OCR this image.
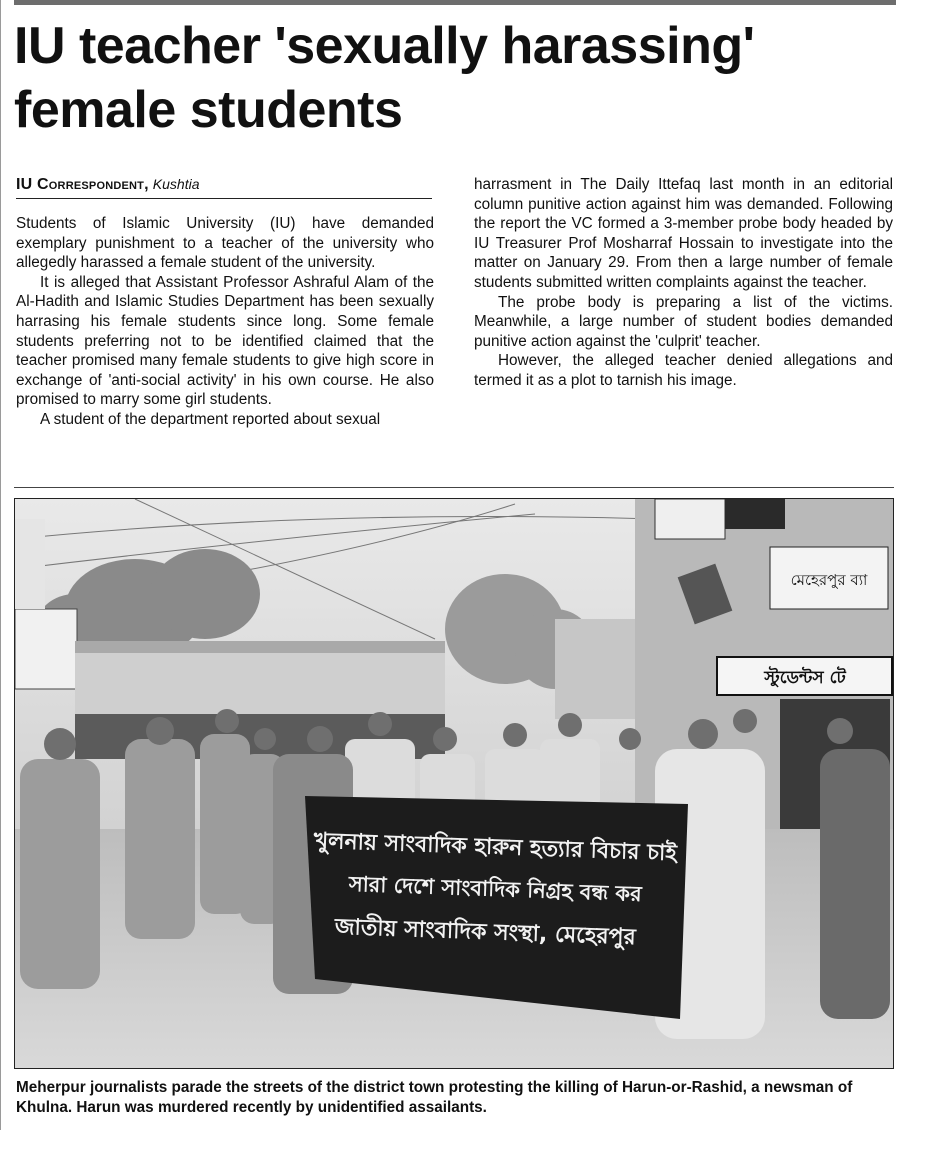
IU teacher 'sexually harassing'
female students
IU Correspondent, Kushtia

Students of Islamic University (IU) have demanded exemplary punishment to a teacher of the university who allegedly harassed a female student of the university.

It is alleged that Assistant Professor Ashraful Alam of the Al-Hadith and Islamic Studies Department has been sexually harrasing his female students since long. Some female students preferring not to be identified claimed that the teacher promised many female students to give high score in exchange of 'anti-social activity' in his own course. He also promised to marry some girl students.

A student of the department reported about sexual

harrasment in The Daily Ittefaq last month in an editorial column punitive action against him was demanded. Following the report the VC formed a 3-member probe body headed by IU Treasurer Prof Mosharraf Hossain to investigate into the matter on January 29. From then a large number of female students submitted written complaints against the teacher.

The probe body is preparing a list of the victims. Meanwhile, a large number of student bodies demanded punitive action against the 'culprit' teacher.

However, the alleged teacher denied allegations and termed it as a plot to tarnish his image.

মেহেরপুর ব্যা
স্টুডেন্টস টে
খুলনায় সাংবাদিক হারুন হত্যার বিচার চাই
সারা দেশে সাংবাদিক নিগ্রহ বন্ধ কর
জাতীয় সাংবাদিক সংস্থা, মেহেরপুর

Meherpur journalists parade the streets of the district town protesting the killing of Harun-or-Rashid, a newsman of Khulna. Harun was murdered recently by unidentified assailants.
